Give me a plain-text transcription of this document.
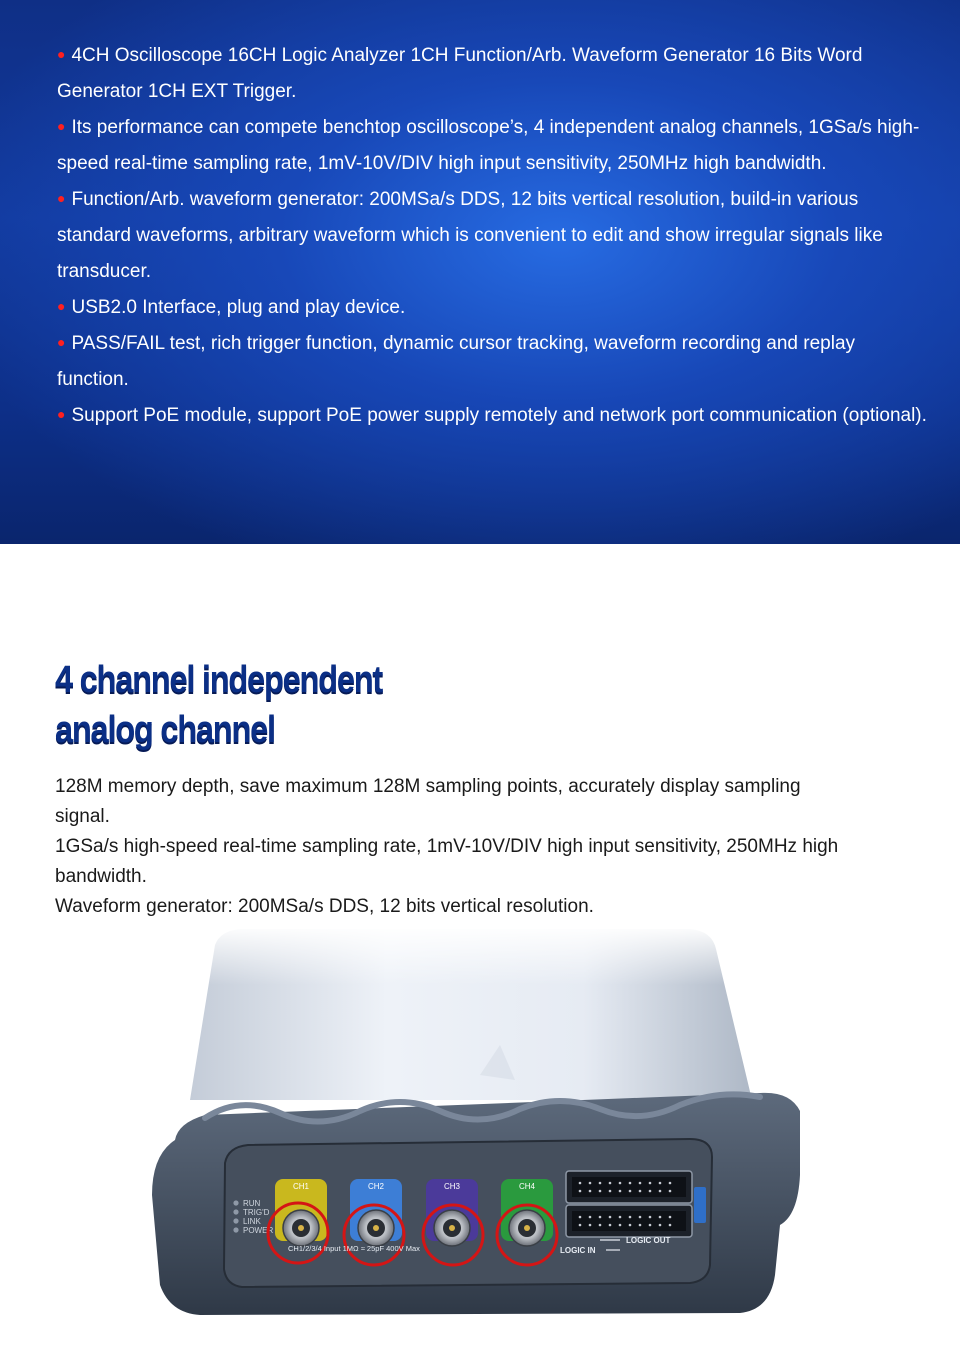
● 4CH Oscilloscope 16CH Logic Analyzer 1CH Function/Arb. Waveform Generator 16 Bits Word Generator 1CH EXT Trigger.

● Its performance can compete benchtop oscilloscope’s, 4 independent analog channels, 1GSa/s high-speed real-time sampling rate, 1mV-10V/DIV high input sensitivity, 250MHz high bandwidth.

● Function/Arb. waveform generator: 200MSa/s DDS, 12 bits vertical resolution, build-in various standard waveforms, arbitrary waveform which is convenient to edit and show irregular signals like transducer.

● USB2.0 Interface, plug and play device.

● PASS/FAIL test, rich trigger function, dynamic cursor tracking, waveform recording and replay function.

● Support PoE module, support PoE power supply remotely and network port communication (optional).

4 channel independent
analog channel

128M memory depth, save maximum 128M sampling points, accurately display sampling signal.

1GSa/s high-speed real-time sampling rate, 1mV-10V/DIV high input sensitivity, 250MHz high bandwidth.

Waveform generator: 200MSa/s DDS, 12 bits vertical resolution.

RUN
TRIG'D
LINK
POWER
CH1	CH2	CH3	CH4
CH1/2/3/4 Input 1MΩ ≈ 25pF 400V Max	LOGIC IN
LOGIC OUT
